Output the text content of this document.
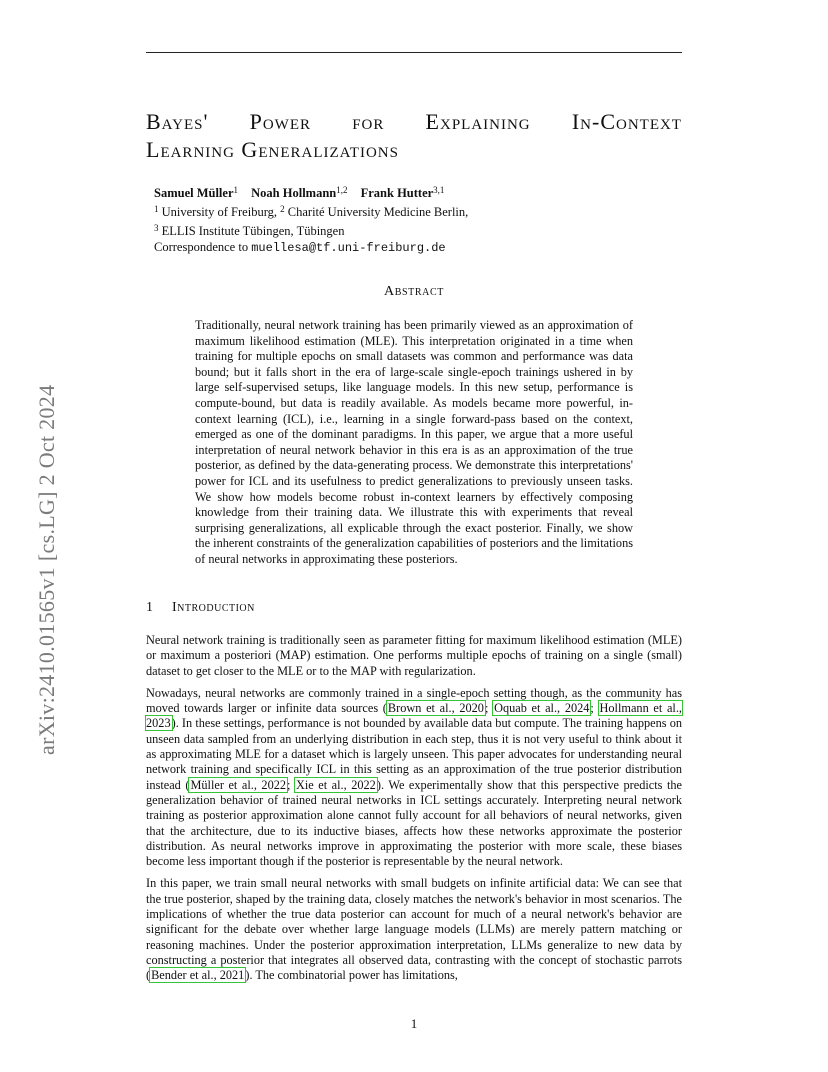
arXiv:2410.01565v1 [cs.LG] 2 Oct 2024
Bayes' Power for Explaining In-Context
Learning Generalizations
Samuel Müller$^1$ Noah Hollmann$^{1,2}$ Frank Hutter$^{3,1}$
$^1$ University of Freiburg, $^2$ Charité University Medicine Berlin,
$^3$ ELLIS Institute Tübingen, Tübingen
Correspondence to muellesa@tf.uni-freiburg.de
Abstract
Traditionally, neural network training has been primarily viewed as an approximation of maximum likelihood estimation (MLE). This interpretation originated in a time when training for multiple epochs on small datasets was common and performance was data bound; but it falls short in the era of large-scale single-epoch trainings ushered in by large self-supervised setups, like language models. In this new setup, performance is compute-bound, but data is readily available. As models became more powerful, in-context learning (ICL), i.e., learning in a single forward-pass based on the context, emerged as one of the dominant paradigms. In this paper, we argue that a more useful interpretation of neural network behavior in this era is as an approximation of the true posterior, as defined by the data-generating process. We demonstrate this interpretations' power for ICL and its usefulness to predict generalizations to previously unseen tasks. We show how models become robust in-context learners by effectively composing knowledge from their training data. We illustrate this with experiments that reveal surprising generalizations, all explicable through the exact posterior. Finally, we show the inherent constraints of the generalization capabilities of posteriors and the limitations of neural networks in approximating these posteriors.
1 Introduction

Neural network training is traditionally seen as parameter fitting for maximum likelihood estimation (MLE) or maximum a posteriori (MAP) estimation. One performs multiple epochs of training on a single (small) dataset to get closer to the MLE or to the MAP with regularization.

Nowadays, neural networks are commonly trained in a single-epoch setting though, as the community has moved towards larger or infinite data sources (Brown et al., 2020; Oquab et al., 2024; Hollmann et al., 2023). In these settings, performance is not bounded by available data but compute. The training happens on unseen data sampled from an underlying distribution in each step, thus it is not very useful to think about it as approximating MLE for a dataset which is largely unseen. This paper advocates for understanding neural network training and specifically ICL in this setting as an approximation of the true posterior distribution instead (Müller et al., 2022; Xie et al., 2022). We experimentally show that this perspective predicts the generalization behavior of trained neural networks in ICL settings accurately. Interpreting neural network training as posterior approximation alone cannot fully account for all behaviors of neural networks, given that the architecture, due to its inductive biases, affects how these networks approximate the posterior distribution. As neural networks improve in approximating the posterior with more scale, these biases become less important though if the posterior is representable by the neural network.

In this paper, we train small neural networks with small budgets on infinite artificial data: We can see that the true posterior, shaped by the training data, closely matches the network's behavior in most scenarios. The implications of whether the true data posterior can account for much of a neural network's behavior are significant for the debate over whether large language models (LLMs) are merely pattern matching or reasoning machines. Under the posterior approximation interpretation, LLMs generalize to new data by constructing a posterior that integrates all observed data, contrasting with the concept of stochastic parrots (Bender et al., 2021). The combinatorial power has limitations,

1
